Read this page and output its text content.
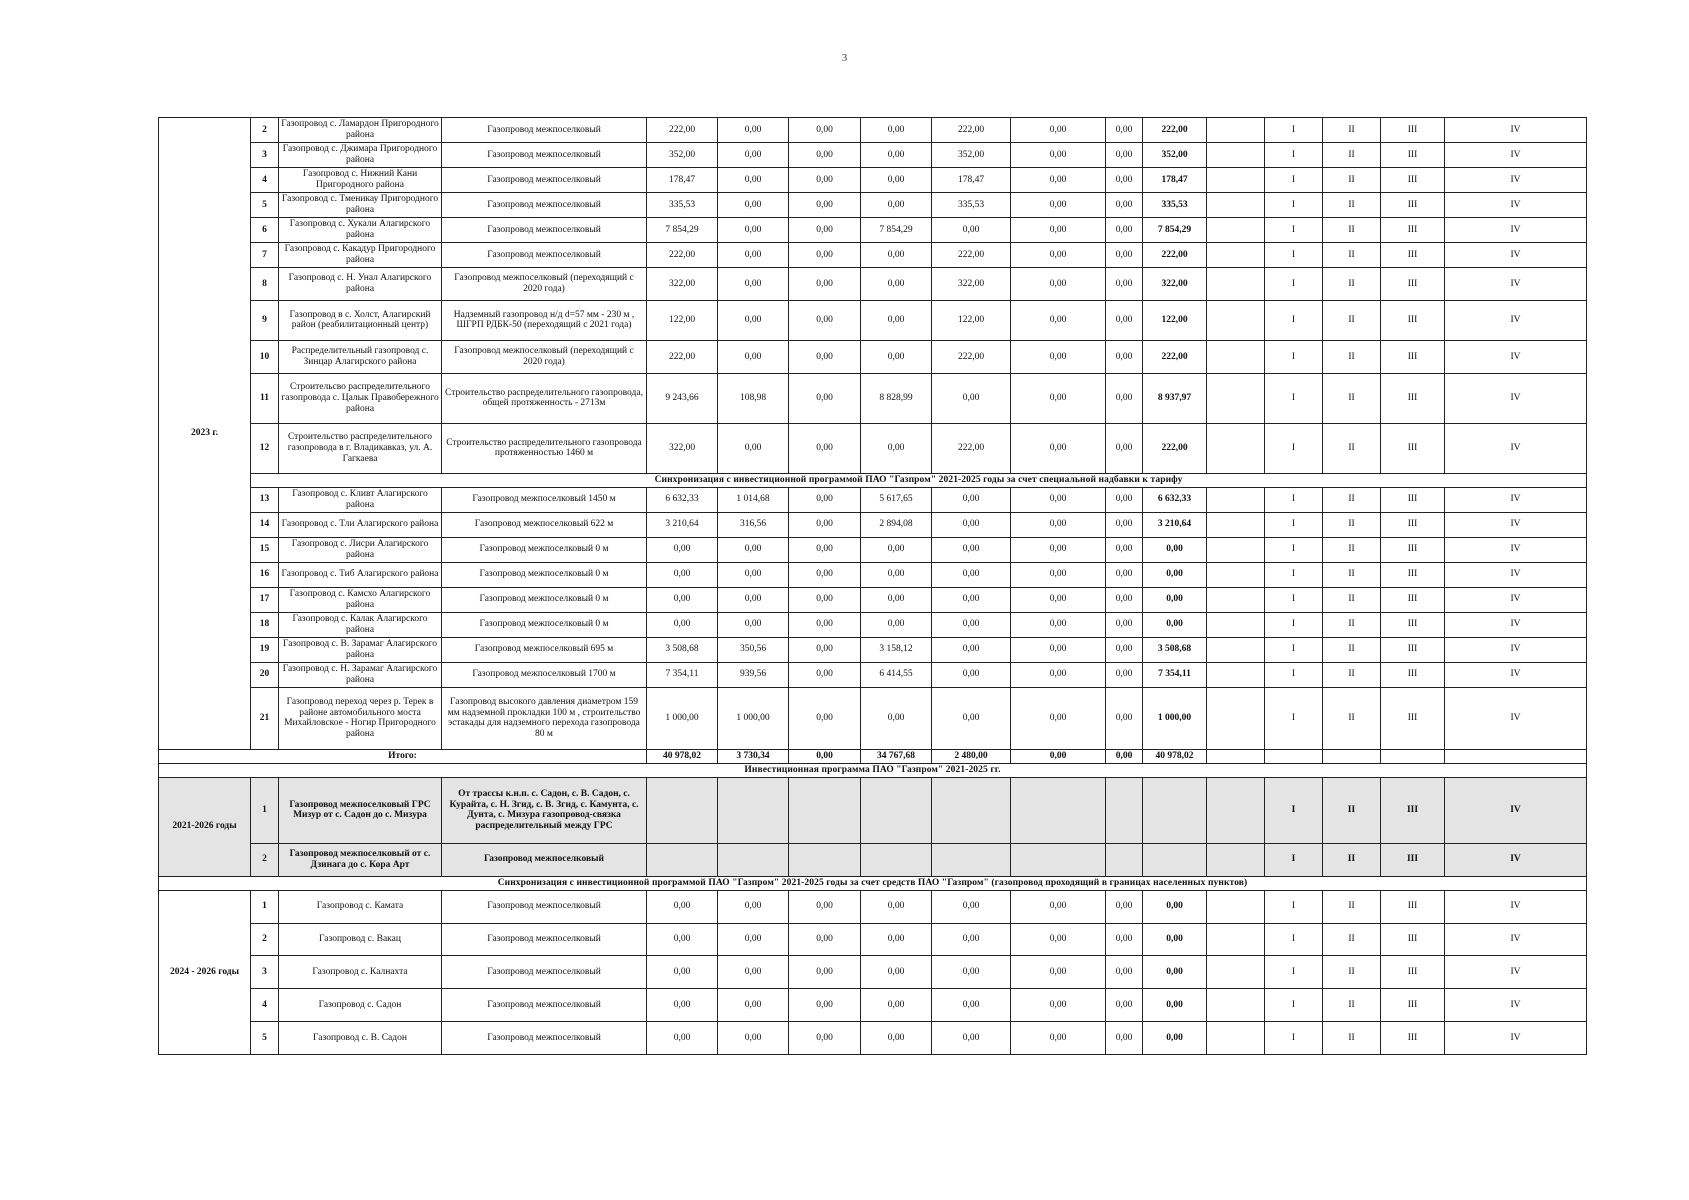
3
2023 г.	2	Газопровод с. Ламардон Пригородного района	Газопровод межпоселковый	222,00	0,00	0,00	0,00	222,00	0,00	0,00	222,00		I	II	III	IV	
	3	Газопровод с. Джимара Пригородного района	Газопровод межпоселковый	352,00	0,00	0,00	0,00	352,00	0,00	0,00	352,00		I	II	III	IV	
	4	Газопровод с. Нижний Кани Пригородного района	Газопровод межпоселковый	178,47	0,00	0,00	0,00	178,47	0,00	0,00	178,47		I	II	III	IV	
	5	Газопровод с. Тменикау Пригородного района	Газопровод межпоселковый	335,53	0,00	0,00	0,00	335,53	0,00	0,00	335,53		I	II	III	IV	
	6	Газопровод с. Хукали Алагирского района	Газопровод межпоселковый	7 854,29	0,00	0,00	7 854,29	0,00	0,00	0,00	7 854,29		I	II	III	IV	
	7	Газопровод с. Какадур Пригородного района	Газопровод межпоселковый	222,00	0,00	0,00	0,00	222,00	0,00	0,00	222,00		I	II	III	IV	
	8	Газопровод с. Н. Унал Алагирского района	Газопровод межпоселковый (переходящий с 2020 года)	322,00	0,00	0,00	0,00	322,00	0,00	0,00	322,00		I	II	III	IV	
	9	Газопровод в с. Холст, Алагирский район (реабилитационный центр)	Надземный газопровод н/д d=57 мм - 230 м , ШГРП РДБК-50 (переходящий с 2021 года)	122,00	0,00	0,00	0,00	122,00	0,00	0,00	122,00		I	II	III	IV	
	10	Распределительный газопровод с. Зинцар Алагирского района	Газопровод межпоселковый (переходящий с 2020 года)	222,00	0,00	0,00	0,00	222,00	0,00	0,00	222,00		I	II	III	IV	
	11	Строительсво распределительного газопровода с. Цалык Правобережного района	Строительство распределительного газопровода, общей протяженность - 2713м	9 243,66	108,98	0,00	8 828,99	0,00	0,00	0,00	8 937,97		I	II	III	IV	
	12	Строительство распределительного газопровода в г. Владикавказ, ул. А. Гагкаева	Строительство распределительного газопровода протяженностью 1460 м	322,00	0,00	0,00	0,00	222,00	0,00	0,00	222,00		I	II	III	IV	
	Синхронизация с инвестиционной программой ПАО "Газпром" 2021-2025 годы за счет специальной надбавки к тарифу																
	13	Газопровод с. Кливт Алагирского района	Газопровод межпоселковый 1450 м	6 632,33	1 014,68	0,00	5 617,65	0,00	0,00	0,00	6 632,33		I	II	III	IV	
	14	Газопровод с. Тли Алагирского района	Газопровод межпоселковый 622 м	3 210,64	316,56	0,00	2 894,08	0,00	0,00	0,00	3 210,64		I	II	III	IV	
	15	Газопровод с. Лисри Алагирского района	Газопровод межпоселковый 0 м	0,00	0,00	0,00	0,00	0,00	0,00	0,00	0,00		I	II	III	IV	
	16	Газопровод с. Тиб Алагирского района	Газопровод межпоселковый 0 м	0,00	0,00	0,00	0,00	0,00	0,00	0,00	0,00		I	II	III	IV	
	17	Газопровод с. Камсхо Алагирского района	Газопровод межпоселковый 0 м	0,00	0,00	0,00	0,00	0,00	0,00	0,00	0,00		I	II	III	IV	
	18	Газопровод с. Калак Алагирского района	Газопровод межпоселковый 0 м	0,00	0,00	0,00	0,00	0,00	0,00	0,00	0,00		I	II	III	IV	
	19	Газопровод с. В. Зарамаг Алагирского района	Газопровод межпоселковый 695 м	3 508,68	350,56	0,00	3 158,12	0,00	0,00	0,00	3 508,68		I	II	III	IV	
	20	Газопровод с. Н. Зарамаг Алагирского района	Газопровод межпоселковый 1700 м	7 354,11	939,56	0,00	6 414,55	0,00	0,00	0,00	7 354,11		I	II	III	IV	
	21	Газопровод переход через р. Терек в районе автомобильного моста Михайловское - Ногир Пригородного района	Газопровод высокого давления диаметром 159 мм надземной прокладки 100 м , строительство эстакады для надземного перехода газопровода 80 м	1 000,00	1 000,00	0,00	0,00	0,00	0,00	0,00	1 000,00		I	II	III	IV	
Итого:				40 978,02	3 730,34	0,00	34 767,68	2 480,00	0,00	0,00	40 978,02						
Инвестиционная программа ПАО "Газпром" 2021-2025 гг.																	
2021-2026 годы	1	Газопровод межпоселковый ГРС Мизур от с. Садон до с. Мизура	От трассы к.н.п. с. Садон, с. В. Садон, с. Курайта, с. Н. Згид, с. В. Згид, с. Камунта, с. Дунта, с. Мизура газопровод-связка распределительный между ГРС										I	II	III	IV	
	2	Газопровод межпоселковый от с. Дзинага до с. Кора Арт	Газопровод межпоселковый										I	II	III	IV	
Синхронизация с инвестиционной программой ПАО "Газпром" 2021-2025 годы за счет средств ПАО "Газпром" (газопровод проходящий в границах населенных пунктов)																	
2024 - 2026 годы	1	Газопровод с. Камата	Газопровод межпоселковый	0,00	0,00	0,00	0,00	0,00	0,00	0,00	0,00		I	II	III	IV	
	2	Газопровод с. Вакац	Газопровод межпоселковый	0,00	0,00	0,00	0,00	0,00	0,00	0,00	0,00		I	II	III	IV	
	3	Газопровод с. Калнахта	Газопровод межпоселковый	0,00	0,00	0,00	0,00	0,00	0,00	0,00	0,00		I	II	III	IV	
	4	Газопровод с. Садон	Газопровод межпоселковый	0,00	0,00	0,00	0,00	0,00	0,00	0,00	0,00		I	II	III	IV	
	5	Газопровод с. В. Садон	Газопровод межпоселковый	0,00	0,00	0,00	0,00	0,00	0,00	0,00	0,00		I	II	III	IV	
